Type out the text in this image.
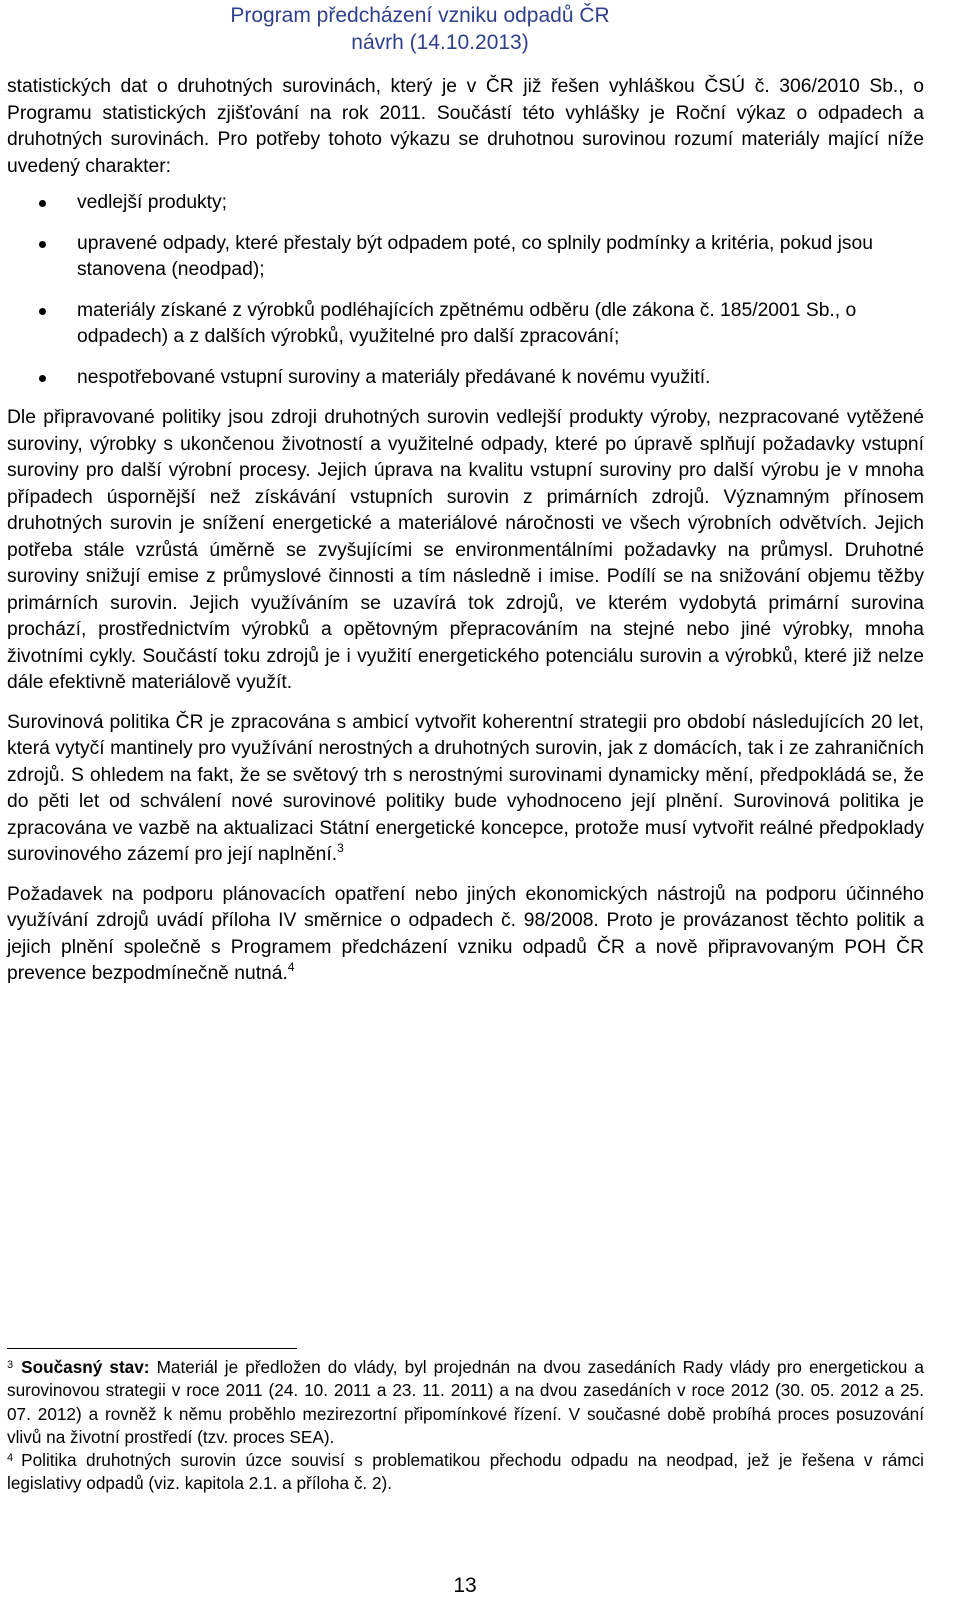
Program předcházení vzniku odpadů ČR
návrh (14.10.2013)

statistických dat o druhotných surovinách, který je v ČR již řešen vyhláškou ČSÚ č. 306/2010 Sb., o Programu statistických zjišťování na rok 2011. Součástí této vyhlášky je Roční výkaz o odpadech a druhotných surovinách. Pro potřeby tohoto výkazu se druhotnou surovinou rozumí materiály mající níže uvedený charakter:

vedlejší produkty;
upravené odpady, které přestaly být odpadem poté, co splnily podmínky a kritéria, pokud jsou stanovena (neodpad);
materiály získané z výrobků podléhajících zpětnému odběru (dle zákona č. 185/2001 Sb., o odpadech) a z dalších výrobků, využitelné pro další zpracování;
nespotřebované vstupní suroviny a materiály předávané k novému využití.

Dle připravované politiky jsou zdroji druhotných surovin vedlejší produkty výroby, nezpracované vytěžené suroviny, výrobky s ukončenou životností a využitelné odpady, které po úpravě splňují požadavky vstupní suroviny pro další výrobní procesy. Jejich úprava na kvalitu vstupní suroviny pro další výrobu je v mnoha případech úspornější než získávání vstupních surovin z primárních zdrojů. Významným přínosem druhotných surovin je snížení energetické a materiálové náročnosti ve všech výrobních odvětvích. Jejich potřeba stále vzrůstá úměrně se zvyšujícími se environmentálními požadavky na průmysl. Druhotné suroviny snižují emise z průmyslové činnosti a tím následně i imise. Podílí se na snižování objemu těžby primárních surovin. Jejich využíváním se uzavírá tok zdrojů, ve kterém vydobytá primární surovina prochází, prostřednictvím výrobků a opětovným přepracováním na stejné nebo jiné výrobky, mnoha životními cykly. Součástí toku zdrojů je i využití energetického potenciálu surovin a výrobků, které již nelze dále efektivně materiálově využít.

Surovinová politika ČR je zpracována s ambicí vytvořit koherentní strategii pro období následujících 20 let, která vytyčí mantinely pro využívání nerostných a druhotných surovin, jak z domácích, tak i ze zahraničních zdrojů. S ohledem na fakt, že se světový trh s nerostnými surovinami dynamicky mění, předpokládá se, že do pěti let od schválení nové surovinové politiky bude vyhodnoceno její plnění. Surovinová politika je zpracována ve vazbě na aktualizaci Státní energetické koncepce, protože musí vytvořit reálné předpoklady surovinového zázemí pro její naplnění.$^3$

Požadavek na podporu plánovacích opatření nebo jiných ekonomických nástrojů na podporu účinného využívání zdrojů uvádí příloha IV směrnice o odpadech č. 98/2008. Proto je provázanost těchto politik a jejich plnění společně s Programem předcházení vzniku odpadů ČR a nově připravovaným POH ČR prevence bezpodmínečně nutná.$^4$

$^3$ Současný stav: Materiál je předložen do vlády, byl projednán na dvou zasedáních Rady vlády pro energetickou a surovinovou strategii v roce 2011 (24. 10. 2011 a 23. 11. 2011) a na dvou zasedáních v roce 2012 (30. 05. 2012 a 25. 07. 2012) a rovněž k němu proběhlo mezirezortní připomínkové řízení. V současné době probíhá proces posuzování vlivů na životní prostředí (tzv. proces SEA).

$^4$ Politika druhotných surovin úzce souvisí s problematikou přechodu odpadu na neodpad, jež je řešena v rámci legislativy odpadů (viz. kapitola 2.1. a příloha č. 2).

13
